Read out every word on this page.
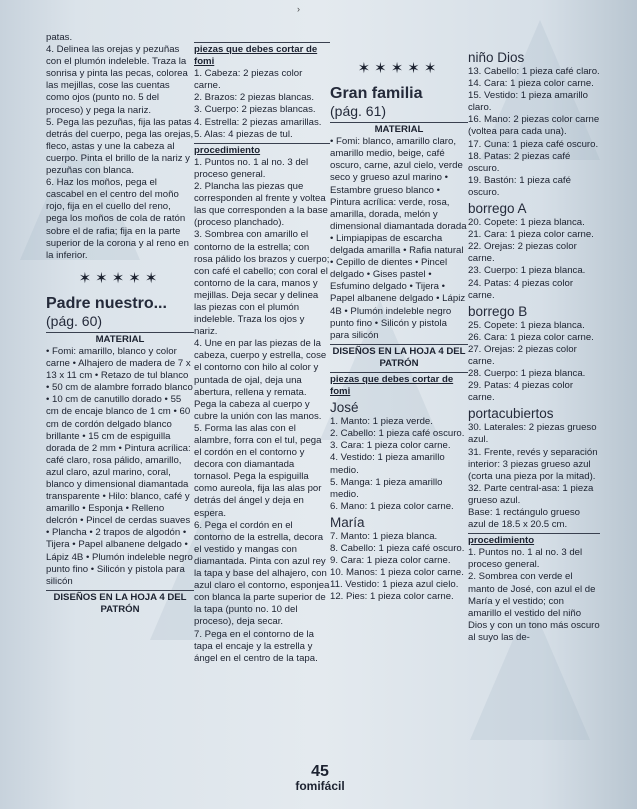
›
patas.
4. Delinea las orejas y pezuñas con el plumón indeleble. Traza la sonrisa y pinta las pecas, colorea las mejillas, cose las cuentas como ojos (punto no. 5 del proceso) y pega la nariz.
5. Pega las pezuñas, fija las patas detrás del cuerpo, pega las orejas, fleco, astas y une la cabeza al cuerpo. Pinta el brillo de la nariz y pezuñas con blanca.
6. Haz los moños, pega el cascabel en el centro del moño rojo, fija en el cuello del reno, pega los moños de cola de ratón sobre el de rafia; fija en la parte superior de la corona y al reno en la inferior.
✶✶✶✶✶
Padre nuestro...
(pág. 60)
MATERIAL
• Fomi: amarillo, blanco y color carne • Alhajero de madera de 7 x 13 x 11 cm • Retazo de tul blanco • 50 cm de alambre forrado blanco • 10 cm de canutillo dorado • 55 cm de encaje blanco de 1 cm • 60 cm de cordón delgado blanco brillante • 15 cm de espiguilla dorada de 2 mm • Pintura acrílica: café claro, rosa pálido, amarillo, azul claro, azul marino, coral, blanco y dimensional diamantada transparente • Hilo: blanco, café y amarillo • Esponja • Relleno delcrón • Pincel de cerdas suaves • Plancha • 2 trapos de algodón • Tijera • Papel albanene delgado • Lápiz 4B • Plumón indeleble negro punto fino • Silicón y pistola para silicón
DISEÑOS EN LA HOJA 4 DEL PATRÓN
piezas que debes cortar de fomi
1. Cabeza: 2 piezas color carne.
2. Brazos: 2 piezas blancas.
3. Cuerpo: 2 piezas blancas.
4. Estrella: 2 piezas amarillas.
5. Alas: 4 piezas de tul.
procedimiento
1. Puntos no. 1 al no. 3 del proceso general.
2. Plancha las piezas que corresponden al frente y voltea las que corresponden a la base (proceso planchado).
3. Sombrea con amarillo el contorno de la estrella; con rosa pálido los brazos y cuerpo; con café el cabello; con coral el contorno de la cara, manos y mejillas. Deja secar y delinea las piezas con el plumón indeleble. Traza los ojos y nariz.
4. Une en par las piezas de la cabeza, cuerpo y estrella, cose el contorno con hilo al color y puntada de ojal, deja una abertura, rellena y remata. Pega la cabeza al cuerpo y cubre la unión con las manos.
5. Forma las alas con el alambre, forra con el tul, pega el cordón en el contorno y decora con diamantada tornasol. Pega la espiguilla como aureola, fija las alas por detrás del ángel y deja en espera.
6. Pega el cordón en el contorno de la estrella, decora el vestido y mangas con diamantada. Pinta con azul rey la tapa y base del alhajero, con azul claro el contorno, esponjea con blanca la parte superior de la tapa (punto no. 10 del proceso), deja secar.
7. Pega en el contorno de la tapa el encaje y la estrella y ángel en el centro de la tapa.
✶✶✶✶✶
Gran familia
(pág. 61)
MATERIAL
• Fomi: blanco, amarillo claro, amarillo medio, beige, café oscuro, carne, azul cielo, verde seco y grueso azul marino • Estambre grueso blanco • Pintura acrílica: verde, rosa, amarilla, dorada, melón y dimensional diamantada dorada • Limpiapipas de escarcha delgada amarilla • Rafia natural • Cepillo de dientes • Pincel delgado • Gises pastel • Esfumino delgado • Tijera • Papel albanene delgado • Lápiz 4B • Plumón indeleble negro punto fino • Silicón y pistola para silicón
DISEÑOS EN LA HOJA 4 DEL PATRÓN
piezas que debes cortar de fomi
José
1. Manto: 1 pieza verde.
2. Cabello: 1 pieza café oscuro.
3. Cara: 1 pieza color carne.
4. Vestido: 1 pieza amarillo medio.
5. Manga: 1 pieza amarillo medio.
6. Mano: 1 pieza color carne.
María
7. Manto: 1 pieza blanca.
8. Cabello: 1 pieza café oscuro.
9. Cara: 1 pieza color carne.
10. Manos: 1 pieza color carne.
11. Vestido: 1 pieza azul cielo.
12. Pies: 1 pieza color carne.
niño Dios
13. Cabello: 1 pieza café claro.
14. Cara: 1 pieza color carne.
15. Vestido: 1 pieza amarillo claro.
16. Mano: 2 piezas color carne (voltea para cada una).
17. Cuna: 1 pieza café oscuro.
18. Patas: 2 piezas café oscuro.
19. Bastón: 1 pieza café oscuro.
borrego A
20. Copete: 1 pieza blanca.
21. Cara: 1 pieza color carne.
22. Orejas: 2 piezas color carne.
23. Cuerpo: 1 pieza blanca.
24. Patas: 4 piezas color carne.
borrego B
25. Copete: 1 pieza blanca.
26. Cara: 1 pieza color carne.
27. Orejas: 2 piezas color carne.
28. Cuerpo: 1 pieza blanca.
29. Patas: 4 piezas color carne.
portacubiertos
30. Laterales: 2 piezas grueso azul.
31. Frente, revés y separación interior: 3 piezas grueso azul (corta una pieza por la mitad).
32. Parte central-asa: 1 pieza grueso azul.
Base: 1 rectángulo grueso azul de 18.5 x 20.5 cm.
procedimiento
1. Puntos no. 1 al no. 3 del proceso general.
2. Sombrea con verde el manto de José, con azul el de María y el vestido; con amarillo el vestido del niño Dios y con un tono más oscuro al suyo las de-
45
fomifácil
